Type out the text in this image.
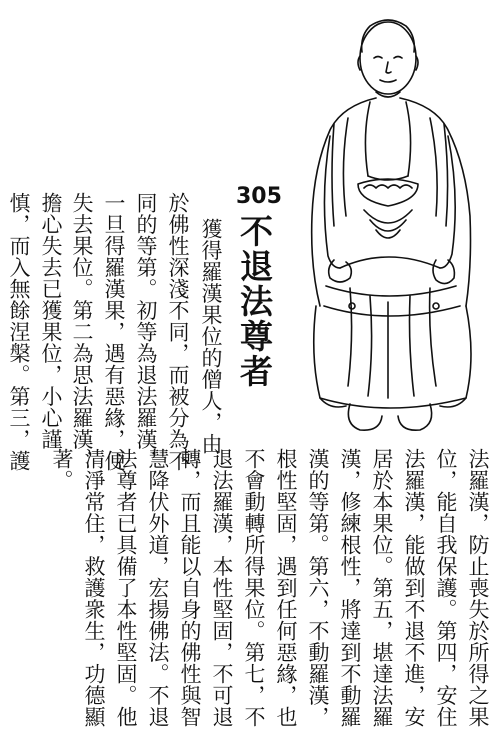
305
不退法尊者
獲得羅漢果位的僧人，由
於佛性深淺不同，而被分為不
同的等第。初等為退法羅漢，
一旦得羅漢果，遇有惡緣，便
失去果位。第二為思法羅漢，
擔心失去已獲果位，小心謹
慎，而入無餘涅槃。第三，護
法羅漢，防止喪失於所得之果
位，能自我保護。第四，安住
法羅漢，能做到不退不進，安
居於本果位。第五，堪達法羅
漢，修練根性，將達到不動羅
漢的等第。第六，不動羅漢，
根性堅固，遇到任何惡緣，也
不會動轉所得果位。第七，不
退法羅漢，本性堅固，不可退
轉，而且能以自身的佛性與智
慧降伏外道，宏揚佛法。不退
法尊者已具備了本性堅固。他
清淨常住，救護衆生，功德顯
著。
